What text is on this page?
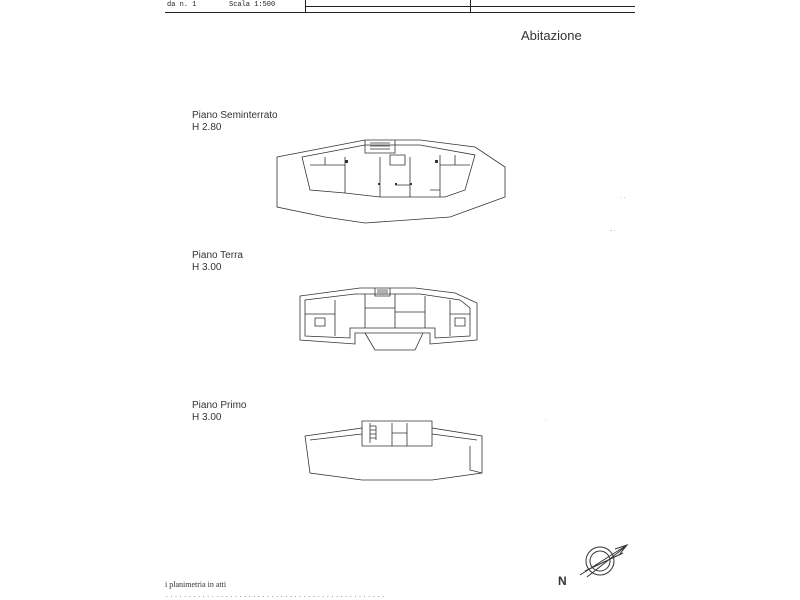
da n. 1	Scala 1:500
Abitazione
Piano Seminterrato
H 2.80
Piano Terra
H 3.00
Piano Primo
H 3.00
· ·
- ·
·
N
i planimetria in atti
................................................
